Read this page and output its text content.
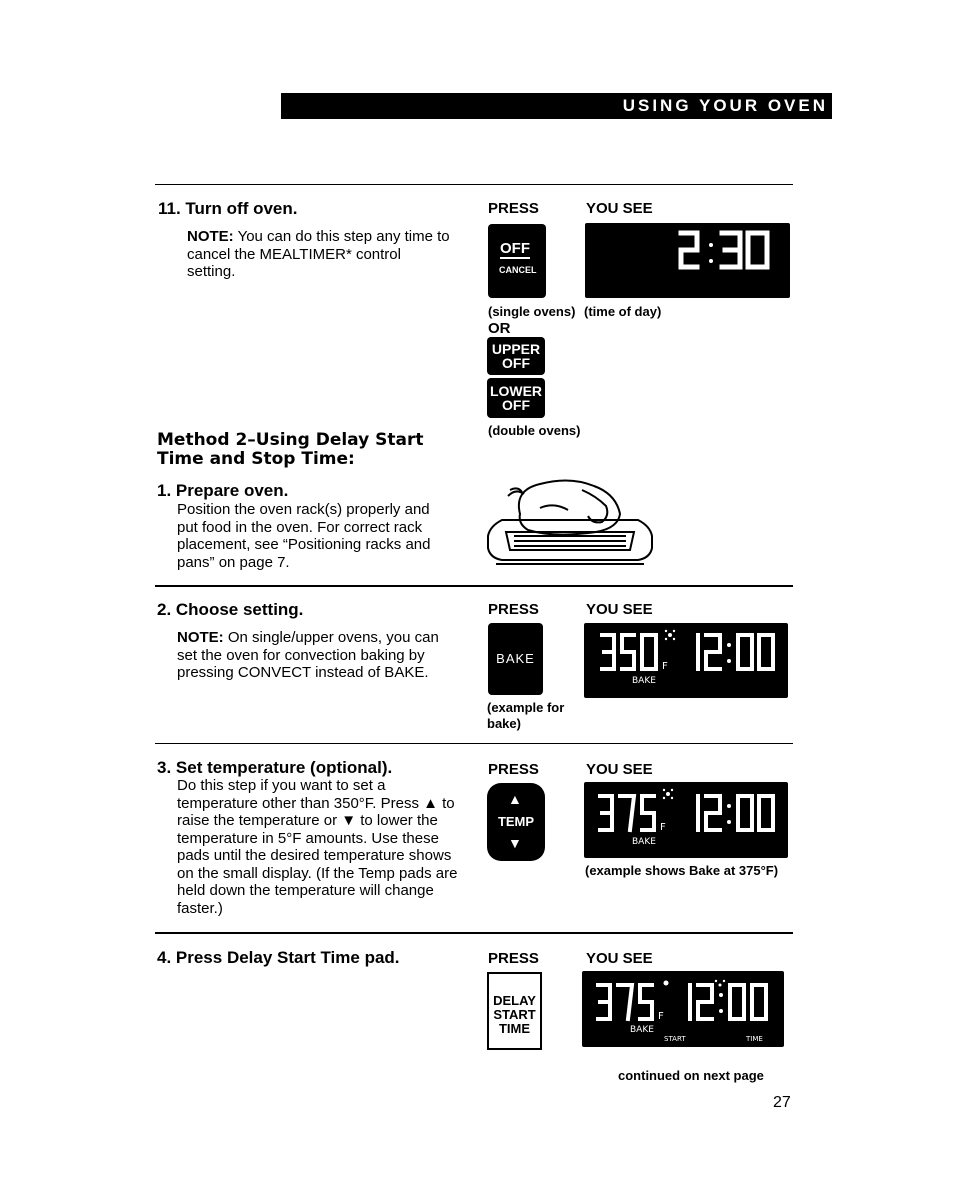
USING YOUR OVEN
11. Turn off oven.
NOTE: You can do this step any time to cancel the MEALTIMER* control setting.
PRESS	YOU SEE
OFF
CANCEL
(single ovens) (time of day)
OR
UPPER
OFF
LOWER
OFF
(double ovens)
Method 2–Using Delay Start
Time and Stop Time:
1. Prepare oven.
Position the oven rack(s) properly and put food in the oven. For correct rack placement, see “Positioning racks and pans” on page 7.
2. Choose setting.
NOTE: On single/upper ovens, you can set the oven for convection baking by pressing CONVECT instead of BAKE.
PRESS	YOU SEE
BAKE
F
BAKE
(example for
bake)
3. Set temperature (optional).
Do this step if you want to set a temperature other than 350°F. Press ▲ to raise the temperature or ▼ to lower the temperature in 5°F amounts. Use these pads until the desired temperature shows on the small display. (If the Temp pads are held down the temperature will change faster.)
PRESS	YOU SEE
▲
TEMP
▼
F
BAKE
(example shows Bake at 375°F)
4. Press Delay Start Time pad.	PRESS	YOU SEE
DELAY
START
TIME
F
BAKE
START	TIME
continued on next page
27
